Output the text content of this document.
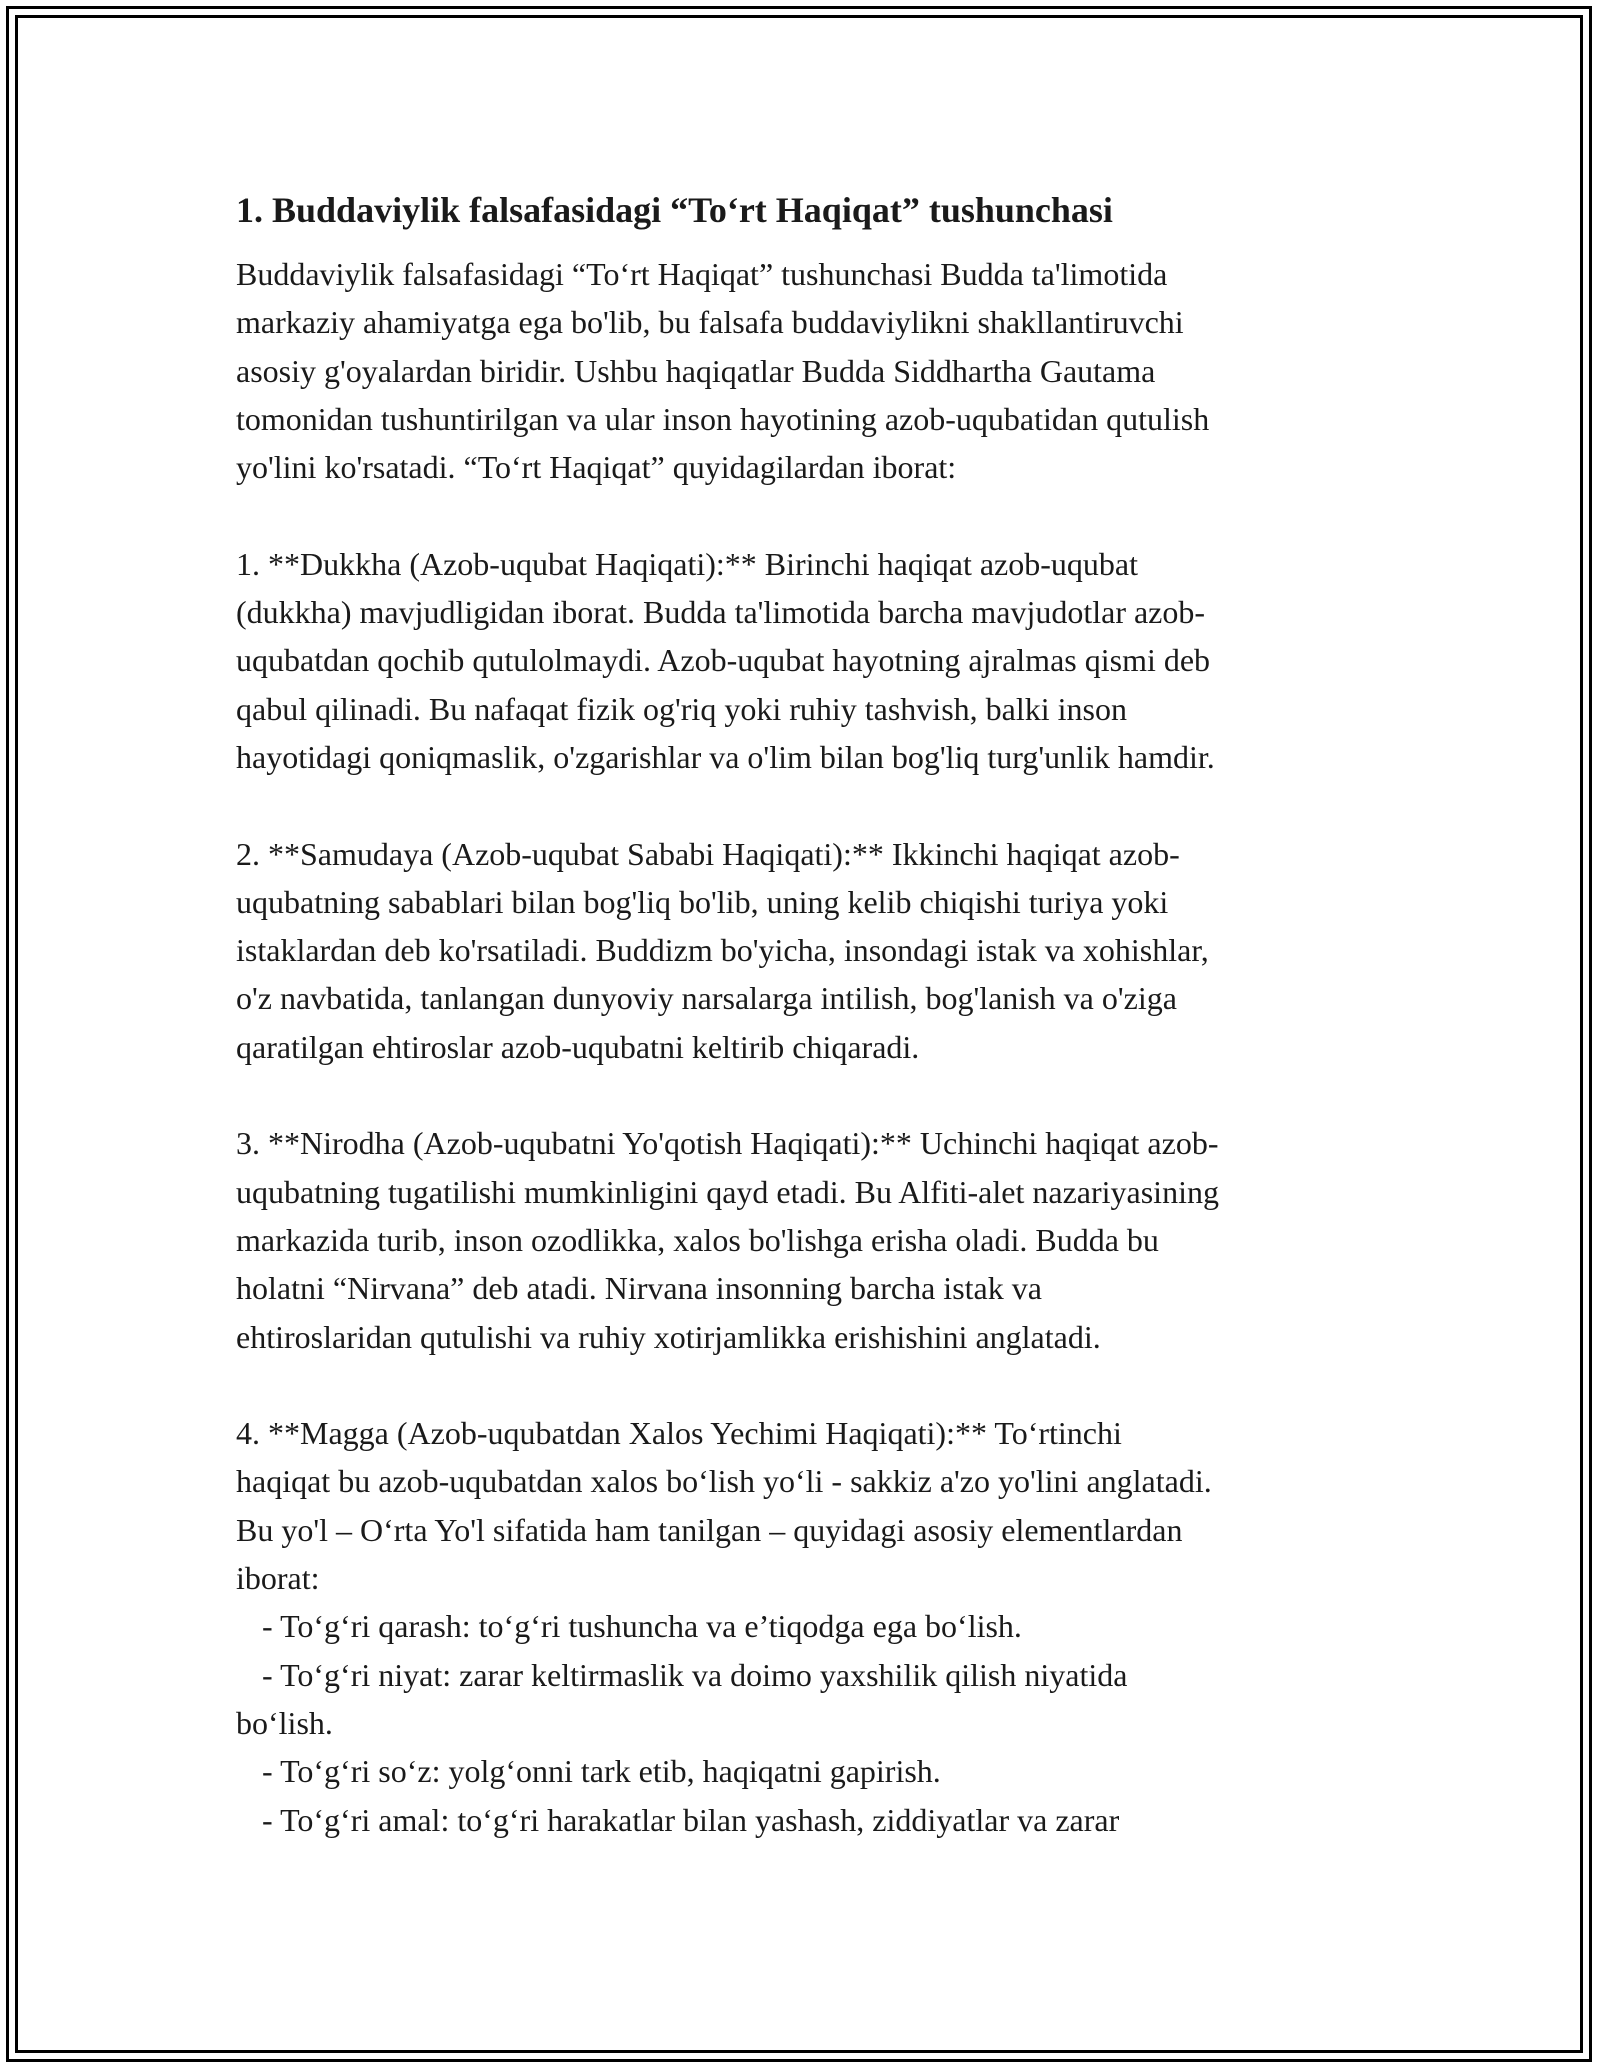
1. Buddaviylik falsafasidagi “To‘rt Haqiqat” tushunchasi
Buddaviylik falsafasidagi “To‘rt Haqiqat” tushunchasi Budda ta'limotida
markaziy ahamiyatga ega bo'lib, bu falsafa buddaviylikni shakllantiruvchi
asosiy g'oyalardan biridir. Ushbu haqiqatlar Budda Siddhartha Gautama
tomonidan tushuntirilgan va ular inson hayotining azob-uqubatidan qutulish
yo'lini ko'rsatadi. “To‘rt Haqiqat” quyidagilardan iborat:
1. **Dukkha (Azob-uqubat Haqiqati):** Birinchi haqiqat azob-uqubat
(dukkha) mavjudligidan iborat. Budda ta'limotida barcha mavjudotlar azob-
uqubatdan qochib qutulolmaydi. Azob-uqubat hayotning ajralmas qismi deb
qabul qilinadi. Bu nafaqat fizik og'riq yoki ruhiy tashvish, balki inson
hayotidagi qoniqmaslik, o'zgarishlar va o'lim bilan bog'liq turg'unlik hamdir.
2. **Samudaya (Azob-uqubat Sababi Haqiqati):** Ikkinchi haqiqat azob-
uqubatning sabablari bilan bog'liq bo'lib, uning kelib chiqishi turiya yoki
istaklardan deb ko'rsatiladi. Buddizm bo'yicha, insondagi istak va xohishlar,
o'z navbatida, tanlangan dunyoviy narsalarga intilish, bog'lanish va o'ziga
qaratilgan ehtiroslar azob-uqubatni keltirib chiqaradi.
3. **Nirodha (Azob-uqubatni Yo'qotish Haqiqati):** Uchinchi haqiqat azob-
uqubatning tugatilishi mumkinligini qayd etadi. Bu Alfiti-alet nazariyasining
markazida turib, inson ozodlikka, xalos bo'lishga erisha oladi. Budda bu
holatni “Nirvana” deb atadi. Nirvana insonning barcha istak va
ehtiroslaridan qutulishi va ruhiy xotirjamlikka erishishini anglatadi.
4. **Magga (Azob-uqubatdan Xalos Yechimi Haqiqati):** To‘rtinchi
haqiqat bu azob-uqubatdan xalos bo‘lish yo‘li - sakkiz a'zo yo'lini anglatadi.
Bu yo'l – O‘rta Yo'l sifatida ham tanilgan – quyidagi asosiy elementlardan
iborat:
- To‘g‘ri qarash: to‘g‘ri tushuncha va e’tiqodga ega bo‘lish.
- To‘g‘ri niyat: zarar keltirmaslik va doimo yaxshilik qilish niyatida
bo‘lish.
- To‘g‘ri so‘z: yolg‘onni tark etib, haqiqatni gapirish.
- To‘g‘ri amal: to‘g‘ri harakatlar bilan yashash, ziddiyatlar va zarar
